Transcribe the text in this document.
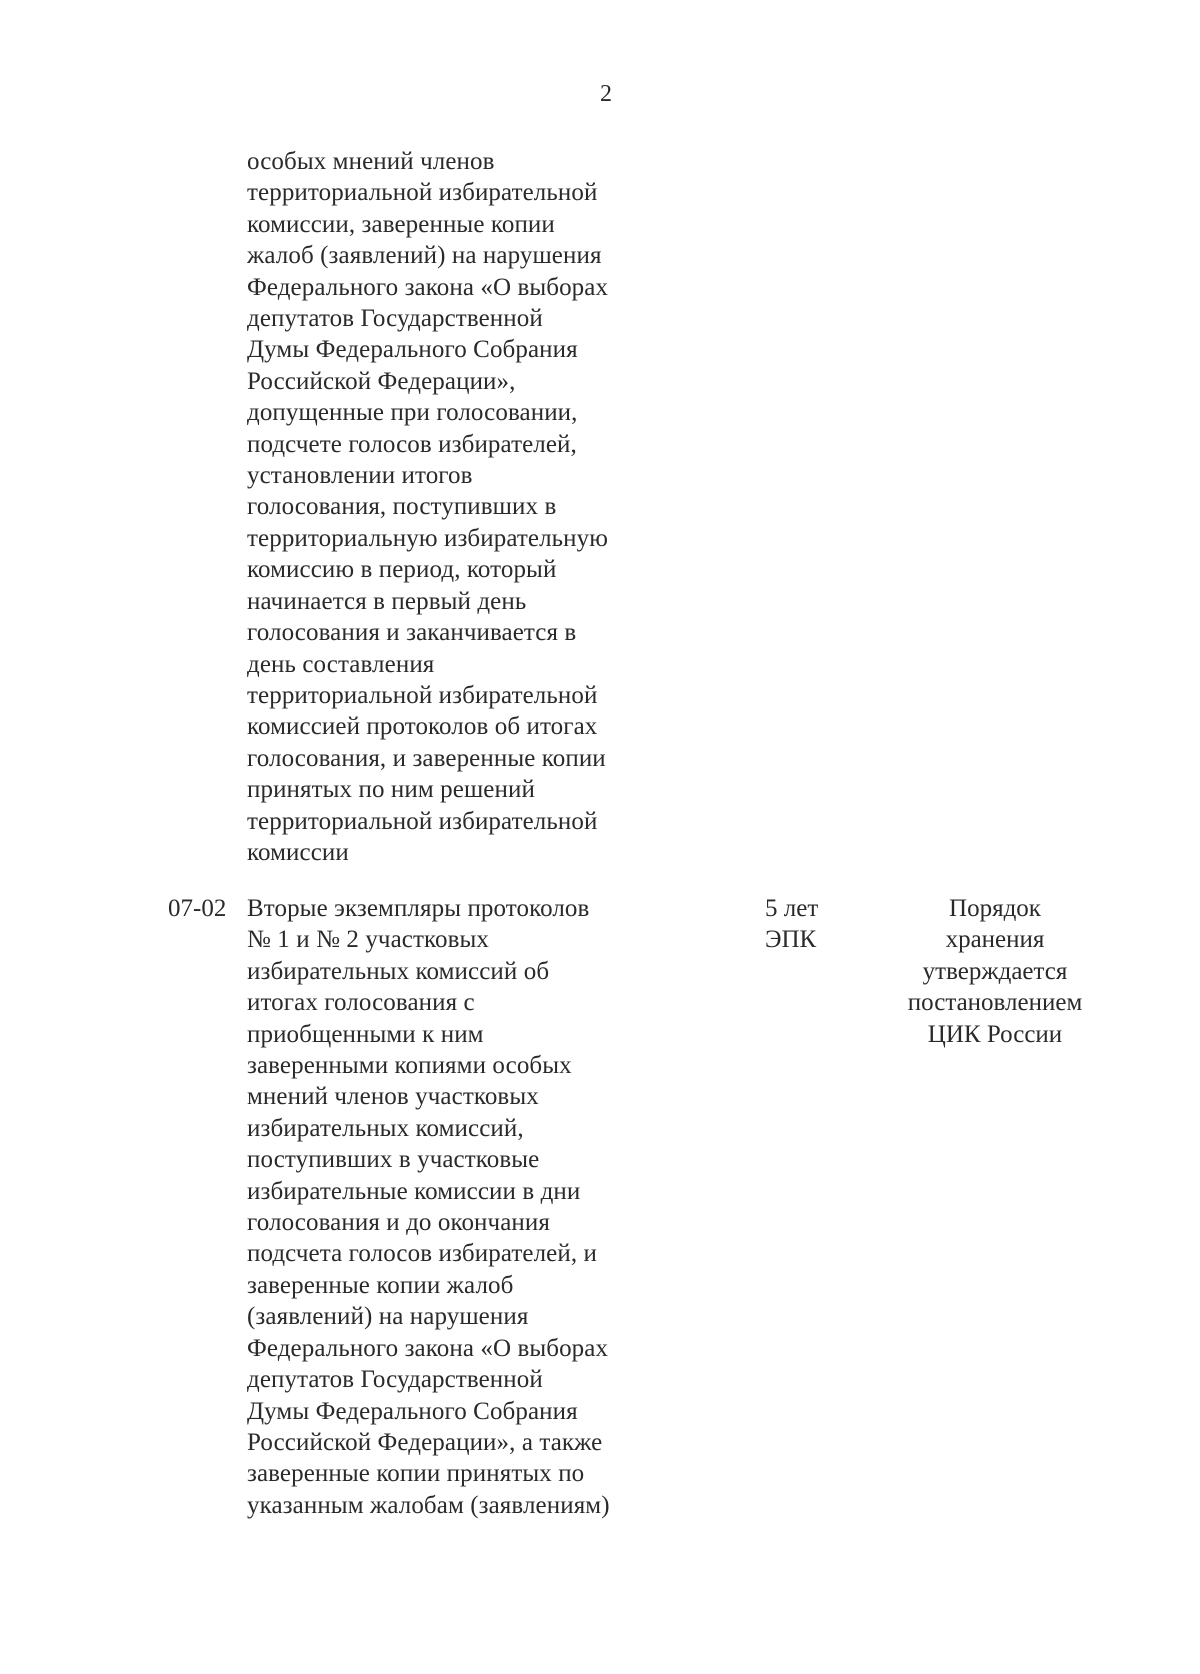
2
особых мнений членов
территориальной избирательной
комиссии, заверенные копии
жалоб (заявлений) на нарушения
Федерального закона «О выборах
депутатов Государственной
Думы Федерального Собрания
Российской Федерации»,
допущенные при голосовании,
подсчете голосов избирателей,
установлении итогов
голосования, поступивших в
территориальную избирательную
комиссию в период, который
начинается в первый день
голосования и заканчивается в
день составления
территориальной избирательной
комиссией протоколов об итогах
голосования, и заверенные копии
принятых по ним решений
территориальной избирательной
комиссии
07-02 Вторые экземпляры протоколов
№ 1 и № 2 участковых
избирательных комиссий об
итогах голосования с
приобщенными к ним
заверенными копиями особых
мнений членов участковых
избирательных комиссий,
поступивших в участковые
избирательные комиссии в дни
голосования и до окончания
подсчета голосов избирателей, и
заверенные копии жалоб
(заявлений) на нарушения
Федерального закона «О выборах
депутатов Государственной
Думы Федерального Собрания
Российской Федерации», а также
заверенные копии принятых по
указанным жалобам (заявлениям)
5 лет
ЭПК
Порядок
хранения
утверждается
постановлением
ЦИК России
